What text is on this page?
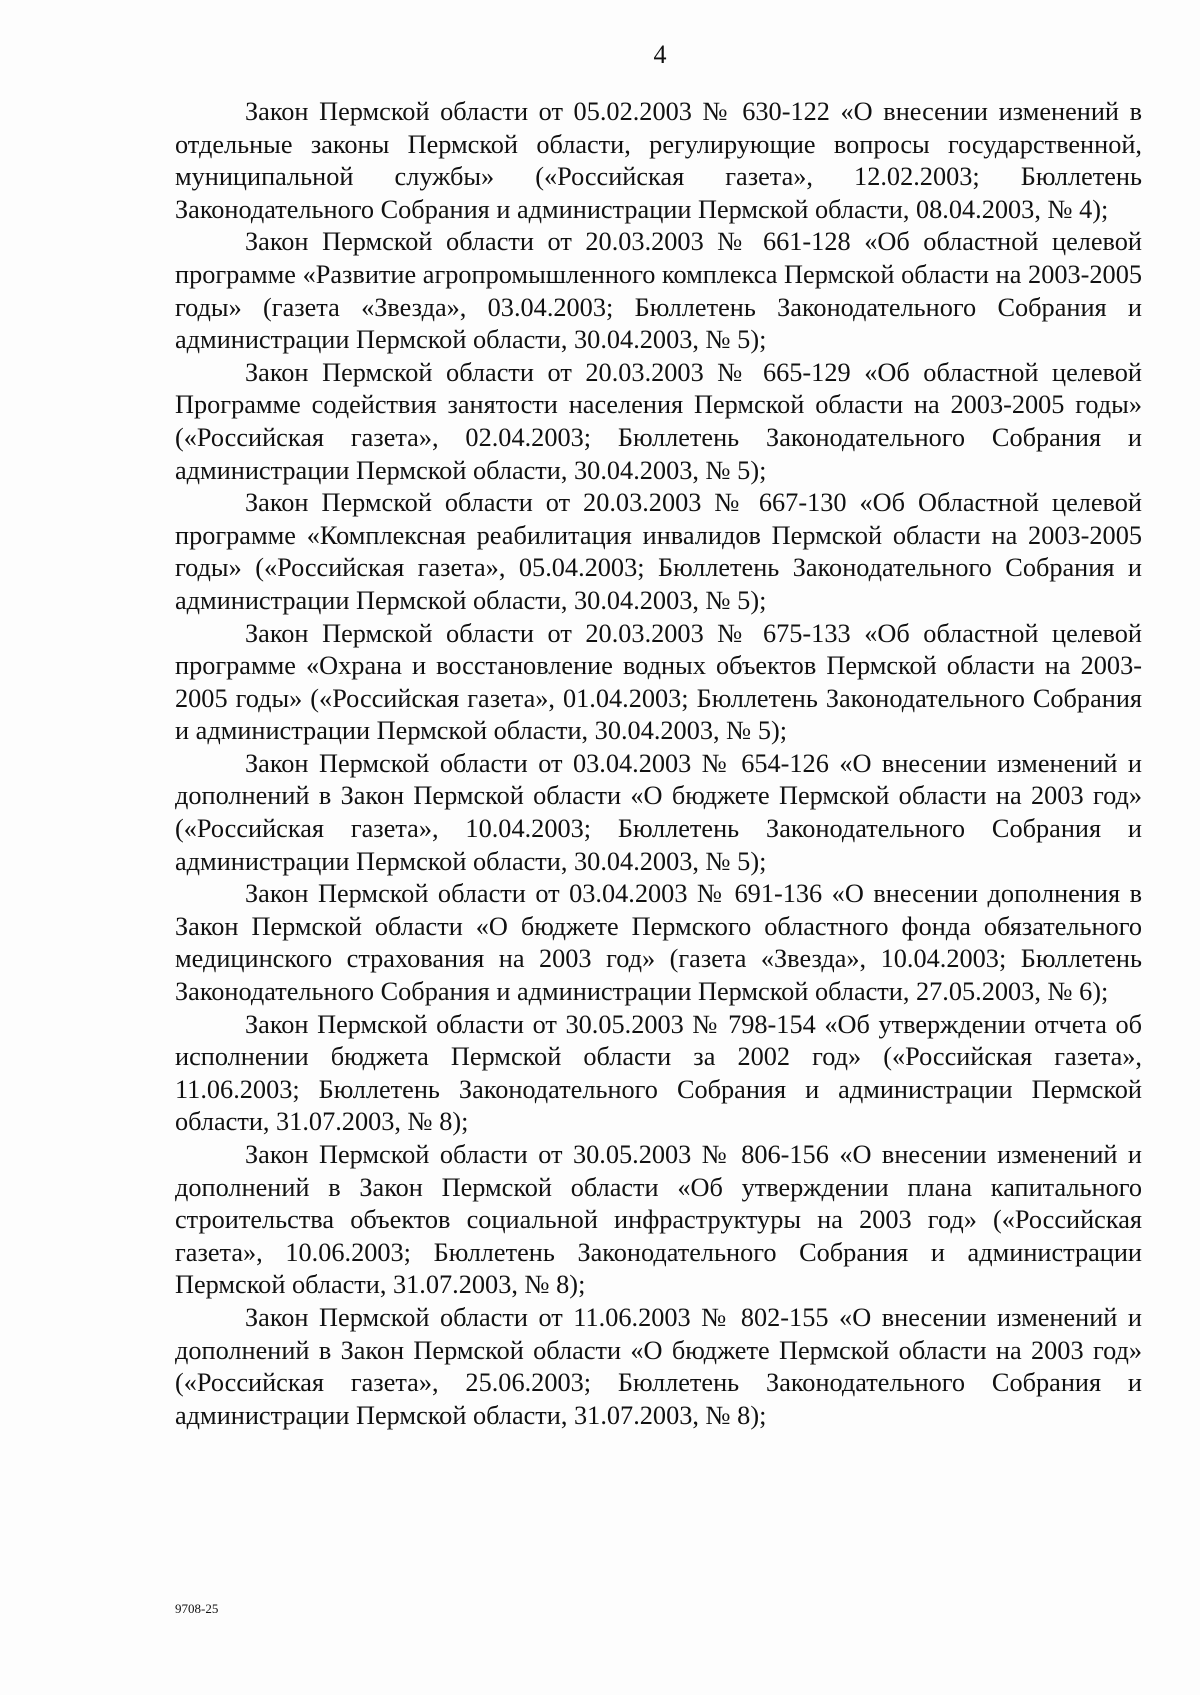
4

Закон Пермской области от 05.02.2003 № 630-122 «О внесении изменений в отдельные законы Пермской области, регулирующие вопросы государственной, муниципальной службы» («Российская газета», 12.02.2003; Бюллетень Законодательного Собрания и администрации Пермской области, 08.04.2003, № 4);

Закон Пермской области от 20.03.2003 № 661-128 «Об областной целевой программе «Развитие агропромышленного комплекса Пермской области на 2003-2005 годы» (газета «Звезда», 03.04.2003; Бюллетень Законодательного Собрания и администрации Пермской области, 30.04.2003, № 5);

Закон Пермской области от 20.03.2003 № 665-129 «Об областной целевой Программе содействия занятости населения Пермской области на 2003-2005 годы» («Российская газета», 02.04.2003; Бюллетень Законодательного Собрания и администрации Пермской области, 30.04.2003, № 5);

Закон Пермской области от 20.03.2003 № 667-130 «Об Областной целевой программе «Комплексная реабилитация инвалидов Пермской области на 2003-2005 годы» («Российская газета», 05.04.2003; Бюллетень Законодательного Собрания и администрации Пермской области, 30.04.2003, № 5);

Закон Пермской области от 20.03.2003 № 675-133 «Об областной целевой программе «Охрана и восстановление водных объектов Пермской области на 2003-2005 годы» («Российская газета», 01.04.2003; Бюллетень Законодательного Собрания и администрации Пермской области, 30.04.2003, № 5);

Закон Пермской области от 03.04.2003 № 654-126 «О внесении изменений и дополнений в Закон Пермской области «О бюджете Пермской области на 2003 год» («Российская газета», 10.04.2003; Бюллетень Законодательного Собрания и администрации Пермской области, 30.04.2003, № 5);

Закон Пермской области от 03.04.2003 № 691-136 «О внесении дополнения в Закон Пермской области «О бюджете Пермского областного фонда обязательного медицинского страхования на 2003 год» (газета «Звезда», 10.04.2003; Бюллетень Законодательного Собрания и администрации Пермской области, 27.05.2003, № 6);

Закон Пермской области от 30.05.2003 № 798-154 «Об утверждении отчета об исполнении бюджета Пермской области за 2002 год» («Российская газета», 11.06.2003; Бюллетень Законодательного Собрания и администрации Пермской области, 31.07.2003, № 8);

Закон Пермской области от 30.05.2003 № 806-156 «О внесении изменений и дополнений в Закон Пермской области «Об утверждении плана капитального строительства объектов социальной инфраструктуры на 2003 год» («Российская газета», 10.06.2003; Бюллетень Законодательного Собрания и администрации Пермской области, 31.07.2003, № 8);

Закон Пермской области от 11.06.2003 № 802-155 «О внесении изменений и дополнений в Закон Пермской области «О бюджете Пермской области на 2003 год» («Российская газета», 25.06.2003; Бюллетень Законодательного Собрания и администрации Пермской области, 31.07.2003, № 8);

9708-25
